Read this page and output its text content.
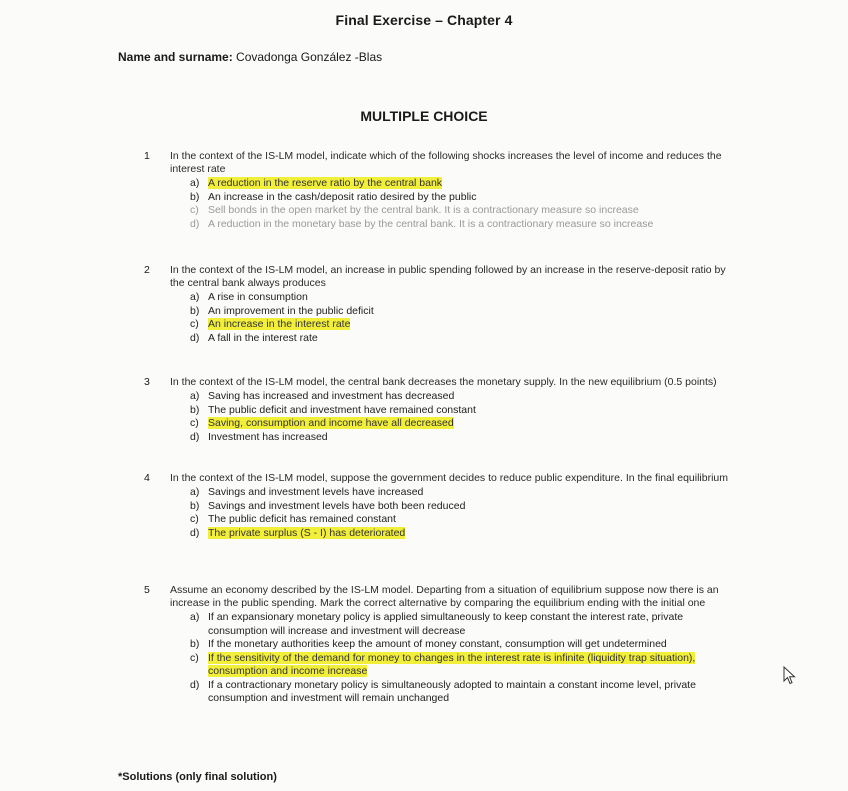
Final Exercise – Chapter 4
Name and surname: Covadonga González -Blas
MULTIPLE CHOICE
1 In the context of the IS-LM model, indicate which of the following shocks increases the level of income and reduces the interest rate
a) A reduction in the reserve ratio by the central bank
b) An increase in the cash/deposit ratio desired by the public
c) Sell bonds in the open market by the central bank. It is a contractionary measure so increase
d) A reduction in the monetary base by the central bank. It is a contractionary measure so increase
2 In the context of the IS-LM model, an increase in public spending followed by an increase in the reserve-deposit ratio by the central bank always produces
a) A rise in consumption
b) An improvement in the public deficit
c) An increase in the interest rate
d) A fall in the interest rate
3 In the context of the IS-LM model, the central bank decreases the monetary supply. In the new equilibrium (0.5 points)
a) Saving has increased and investment has decreased
b) The public deficit and investment have remained constant
c) Saving, consumption and income have all decreased
d) Investment has increased
4 In the context of the IS-LM model, suppose the government decides to reduce public expenditure. In the final equilibrium
a) Savings and investment levels have increased
b) Savings and investment levels have both been reduced
c) The public deficit has remained constant
d) The private surplus (S - I) has deteriorated
5 Assume an economy described by the IS-LM model. Departing from a situation of equilibrium suppose now there is an increase in the public spending. Mark the correct alternative by comparing the equilibrium ending with the initial one
a) If an expansionary monetary policy is applied simultaneously to keep constant the interest rate, private consumption will increase and investment will decrease
b) If the monetary authorities keep the amount of money constant, consumption will get undetermined
c) If the sensitivity of the demand for money to changes in the interest rate is infinite (liquidity trap situation), consumption and income increase
d) If a contractionary monetary policy is simultaneously adopted to maintain a constant income level, private consumption and investment will remain unchanged
*Solutions (only final solution)
